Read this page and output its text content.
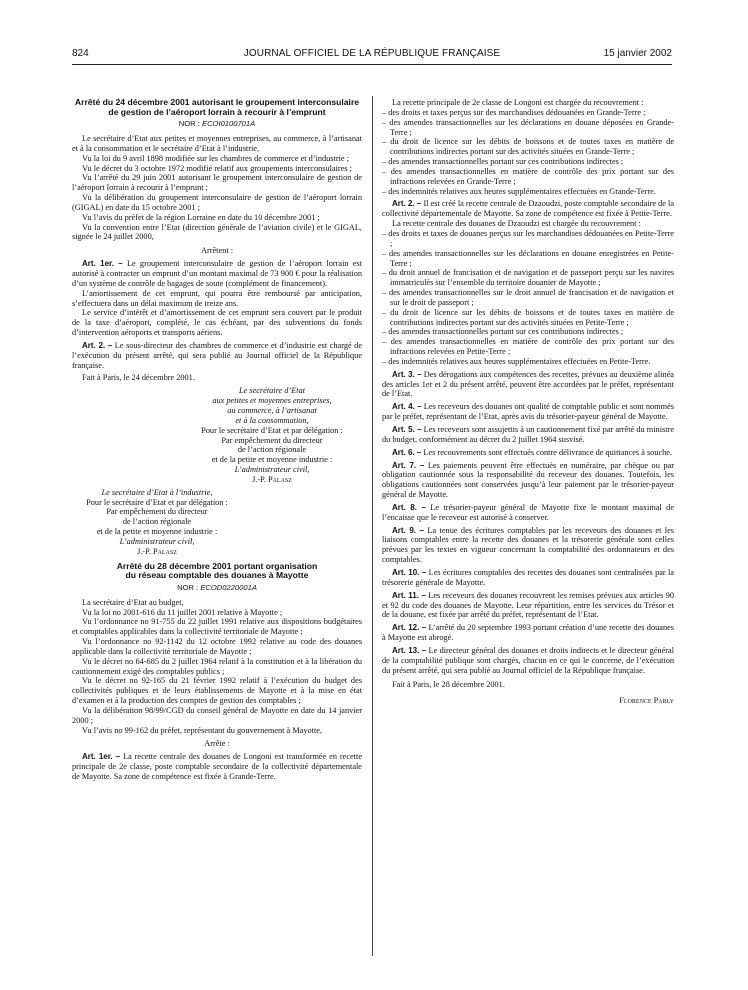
824	JOURNAL OFFICIEL DE LA RÉPUBLIQUE FRANÇAISE	15 janvier 2002

Arrêté du 24 décembre 2001 autorisant le groupement interconsulaire de gestion de l’aéroport lorrain à recourir à l’emprunt

NOR : ECOI0100701A

Le secrétaire d’Etat aux petites et moyennes entreprises, au commerce, à l’artisanat et à la consommation et le secrétaire d’Etat à l’industrie,

Vu la loi du 9 avril 1898 modifiée sur les chambres de commerce et d’industrie ;

Vu le décret du 3 octobre 1972 modifié relatif aux groupements interconsulaires ;

Vu l’arrêté du 29 juin 2001 autorisant le groupement interconsulaire de gestion de l’aéroport lorrain à recourir à l’emprunt ;

Vu la délibération du groupement interconsulaire de gestion de l’aéroport lorrain (GIGAL) en date du 15 octobre 2001 ;

Vu l’avis du préfet de la région Lorraine en date du 10 décembre 2001 ;

Vu la convention entre l’Etat (direction générale de l’aviation civile) et le GIGAL, signée le 24 juillet 2000,

Arrêtent :

Art. 1er. – Le groupement interconsulaire de gestion de l’aéroport lorrain est autorisé à contracter un emprunt d’un montant maximal de 73 900 € pour la réalisation d’un système de contrôle de bagages de soute (complément de financement).

L’amortissement de cet emprunt, qui pourra être remboursé par anticipation, s’effectuera dans un délai maximum de treize ans.

Le service d’intérêt et d’amortissement de cet emprunt sera couvert par le produit de la taxe d’aéroport, complété, le cas échéant, par des subventions du fonds d’intervention aéroports et transports aériens.

Art. 2. – Le sous-directeur des chambres de commerce et d’industrie est chargé de l’exécution du présent arrêté, qui sera publié au Journal officiel de la République française.

Fait à Paris, le 24 décembre 2001.

Le secrétaire d’Etat

aux petites et moyennes entreprises,

au commerce, à l’artisanat

et à la consommation,

Pour le secrétaire d’Etat et par délégation :

Par empêchement du directeur

de l’action régionale

et de la petite et moyenne industrie :

L’administrateur civil,

J.-P. Palasz

Le secrétaire d’Etat à l’industrie,

Pour le secrétaire d’Etat et par délégation :

Par empêchement du directeur

de l’action régionale

et de la petite et moyenne industrie :

L’administrateur civil,

J.-P. Palasz

Arrêté du 28 décembre 2001 portant organisation

du réseau comptable des douanes à Mayotte

NOR : ECOD0220001A

La secrétaire d’Etat au budget,

Vu la loi no 2001-616 du 11 juillet 2001 relative à Mayotte ;

Vu l’ordonnance no 91-755 du 22 juillet 1991 relative aux dispositions budgétaires et comptables applicables dans la collectivité territoriale de Mayotte ;

Vu l’ordonnance no 92-1142 du 12 octobre 1992 relative au code des douanes applicable dans la collectivité territoriale de Mayotte ;

Vu le décret no 64-685 du 2 juillet 1964 relatif à la constitution et à la libération du cautionnement exigé des comptables publics ;

Vu le décret no 92-165 du 21 février 1992 relatif à l’exécution du budget des collectivités publiques et de leurs établissements de Mayotte et à la mise en état d’examen et à la production des comptes de gestion des comptables ;

Vu la délibération 98/99/CGD du conseil général de Mayotte en date du 14 janvier 2000 ;

Vu l’avis no 99-162 du préfet, représentant du gouvernement à Mayotte,

Arrête :

Art. 1er. – La recette centrale des douanes de Longoni est transformée en recette principale de 2e classe, poste comptable secondaire de la collectivité départementale de Mayotte. Sa zone de compétence est fixée à Grande-Terre.

La recette principale de 2e classe de Longoni est chargée du recouvrement :

– des droits et taxes perçus sur des marchandises dédouanées en Grande-Terre ;
– des amendes transactionnelles sur les déclarations en douane déposées en Grande-Terre ;
– du droit de licence sur les débits de boissons et de toutes taxes en matière de contributions indirectes portant sur des activités situées en Grande-Terre ;
– des amendes transactionnelles portant sur ces contributions indirectes ;
– des amendes transactionnelles en matière de contrôle des prix portant sur des infractions relevées en Grande-Terre ;
– des indemnités relatives aux heures supplémentaires effectuées en Grande-Terre.

Art. 2. – Il est créé la recette centrale de Dzaoudzi, poste comptable secondaire de la collectivité départementale de Mayotte. Sa zone de compétence est fixée à Petite-Terre.

La recette centrale des douanes de Dzaoudzi est chargée du recouvrement :

– des droits et taxes de douanes perçus sur les marchandises dédouanées en Petite-Terre ;
– des amendes transactionnelles sur les déclarations en douane enregistrées en Petite-Terre ;
– du droit annuel de francisation et de navigation et de passeport perçu sur les navires immatriculés sur l’ensemble du territoire douanier de Mayotte ;
– des amendes transactionnelles sur le droit annuel de francisation et de navigation et sur le droit de passeport ;
– du droit de licence sur les débits de boissons et de toutes taxes en matière de contributions indirectes portant sur des activités situées en Petite-Terre ;
– des amendes transactionnelles portant sur ces contributions indirectes ;
– des amendes transactionnelles en matière de contrôle des prix portant sur des infractions relevées en Petite-Terre ;
– des indemnités relatives aux heures supplémentaires effectuées en Petite-Terre.

Art. 3. – Des dérogations aux compétences des recettes, prévues au deuxième alinéa des articles 1er et 2 du présent arrêté, peuvent être accordées par le préfet, représentant de l’Etat.

Art. 4. – Les receveurs des douanes ont qualité de comptable public et sont nommés par le préfet, représentant de l’Etat, après avis du trésorier-payeur général de Mayotte.

Art. 5. – Les receveurs sont assujettis à un cautionnement fixé par arrêté du ministre du budget, conformément au décret du 2 juillet 1964 susvisé.

Art. 6. – Les recouvrements sont effectués contre délivrance de quittances à souche.

Art. 7. – Les paiements peuvent être effectués en numéraire, par chèque ou par obligation cautionnée sous la responsabilité du receveur des douanes. Toutefois, les obligations cautionnées sont conservées jusqu’à leur paiement par le trésorier-payeur général de Mayotte.

Art. 8. – Le trésorier-payeur général de Mayotte fixe le montant maximal de l’encaisse que le receveur est autorisé à conserver.

Art. 9. – La tenue des écritures comptables par les receveurs des douanes et les liaisons comptables entre la recette des douanes et la trésorerie générale sont celles prévues par les textes en vigueur concernant la comptabilité des ordonnateurs et des comptables.

Art. 10. – Les écritures comptables des recettes des douanes sont centralisées par la trésorerie générale de Mayotte.

Art. 11. – Les receveurs des douanes recouvrent les remises prévues aux articles 90 et 92 du code des douanes de Mayotte. Leur répartition, entre les services du Trésor et de la douane, est fixée par arrêté du préfet, représentant de l’Etat.

Art. 12. – L’arrêté du 20 septembre 1993 portant création d’une recette des douanes à Mayotte est abrogé.

Art. 13. – Le directeur général des douanes et droits indirects et le directeur général de la comptabilité publique sont chargés, chacun en ce qui le concerne, de l’exécution du présent arrêté, qui sera publié au Journal officiel de la République française.

Fait à Paris, le 28 décembre 2001.

Florence Parly
